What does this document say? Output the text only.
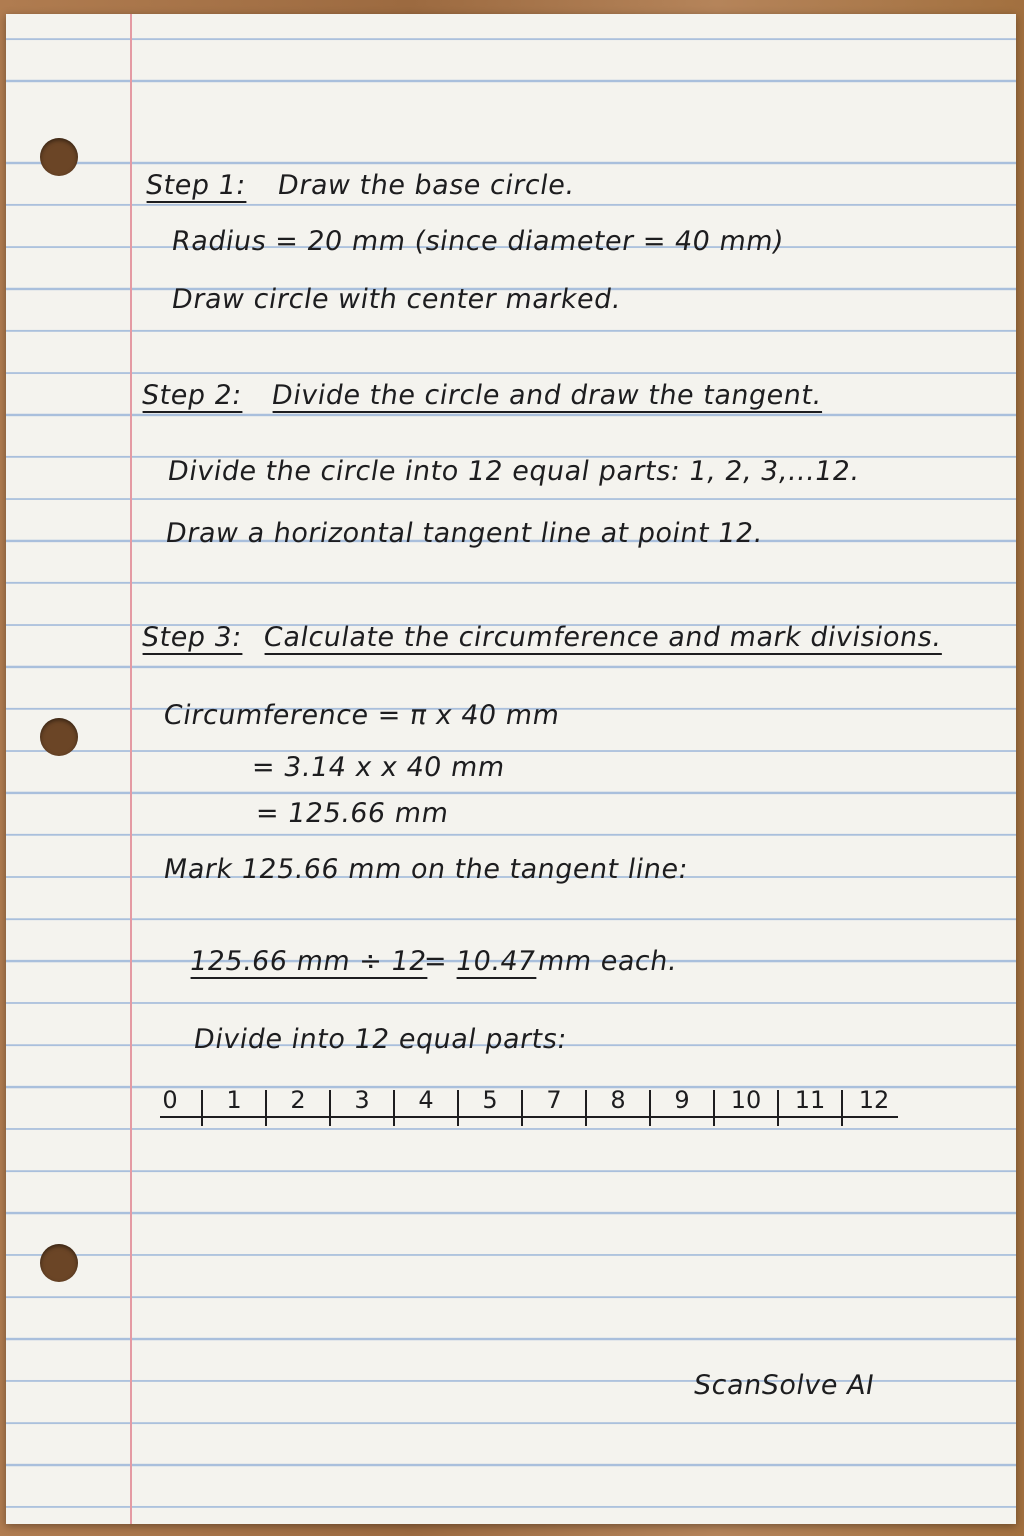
Step 1: Draw the base circle.
Radius = 20 mm (since diameter = 40 mm)
Draw circle with center marked.
Step 2: Divide the circle and draw the tangent.
Divide the circle into 12 equal parts: 1, 2, 3,...12.
Draw a horizontal tangent line at point 12.
Step 3: Calculate the circumference and mark divisions.
Circumference = π x 40 mm
= 3.14 x x 40 mm
= 125.66 mm
Mark 125.66 mm on the tangent line:
125.66 mm ÷ 12
= 10.47 mm each.
Divide into 12 equal parts:
0 1 2 3 4 5 7 8 9 10 11 12
ScanSolve AI
